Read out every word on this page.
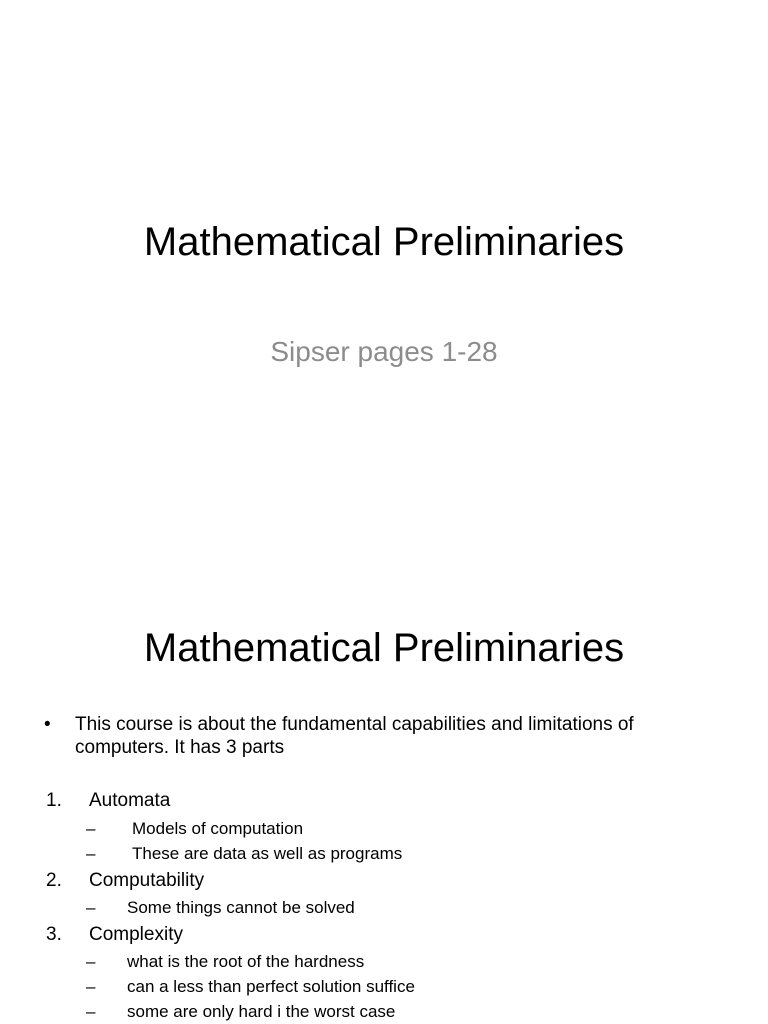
Mathematical Preliminaries
Sipser pages 1-28
Mathematical Preliminaries
• This course is about the fundamental capabilities and limitations of computers. It has 3 parts
1. Automata
– Models of computation
– These are data as well as programs
2. Computability
– Some things cannot be solved
3. Complexity
– what is the root of the hardness
– can a less than perfect solution suffice
– some are only hard i the worst case
